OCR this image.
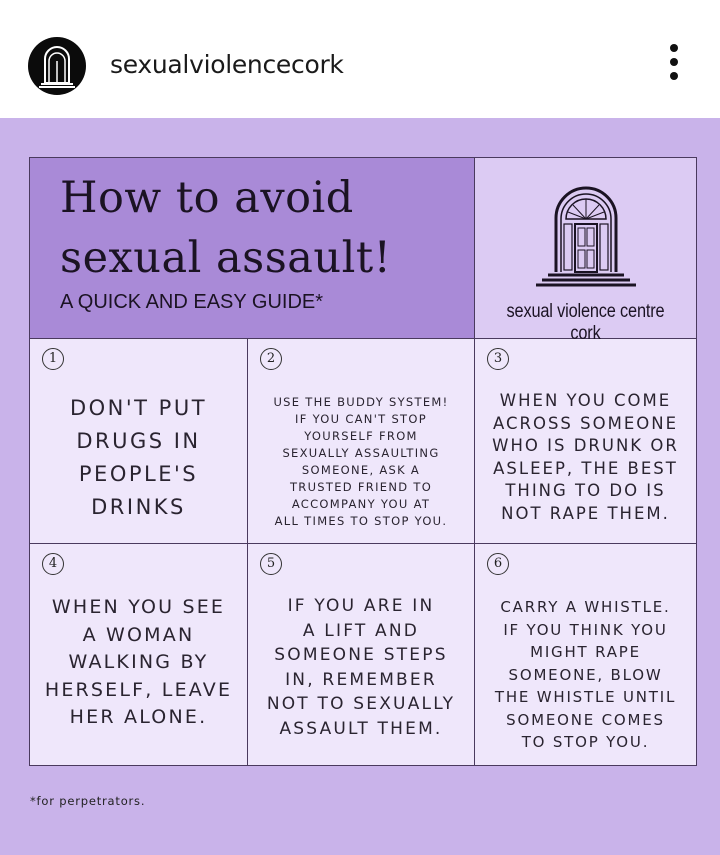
sexualviolencecork
How to avoid
sexual assault!
A QUICK AND EASY GUIDE*	sexual violence centre cork
1
DON'T PUT
DRUGS IN
PEOPLE'S
DRINKS
2
USE THE BUDDY SYSTEM!
IF YOU CAN'T STOP
YOURSELF FROM
SEXUALLY ASSAULTING
SOMEONE, ASK A
TRUSTED FRIEND TO
ACCOMPANY YOU AT
ALL TIMES TO STOP YOU.
3
WHEN YOU COME
ACROSS SOMEONE
WHO IS DRUNK OR
ASLEEP, THE BEST
THING TO DO IS
NOT RAPE THEM.
4
WHEN YOU SEE
A WOMAN
WALKING BY
HERSELF, LEAVE
HER ALONE.
5
IF YOU ARE IN
A LIFT AND
SOMEONE STEPS
IN, REMEMBER
NOT TO SEXUALLY
ASSAULT THEM.
6
CARRY A WHISTLE.
IF YOU THINK YOU
MIGHT RAPE
SOMEONE, BLOW
THE WHISTLE UNTIL
SOMEONE COMES
TO STOP YOU.
*for perpetrators.
